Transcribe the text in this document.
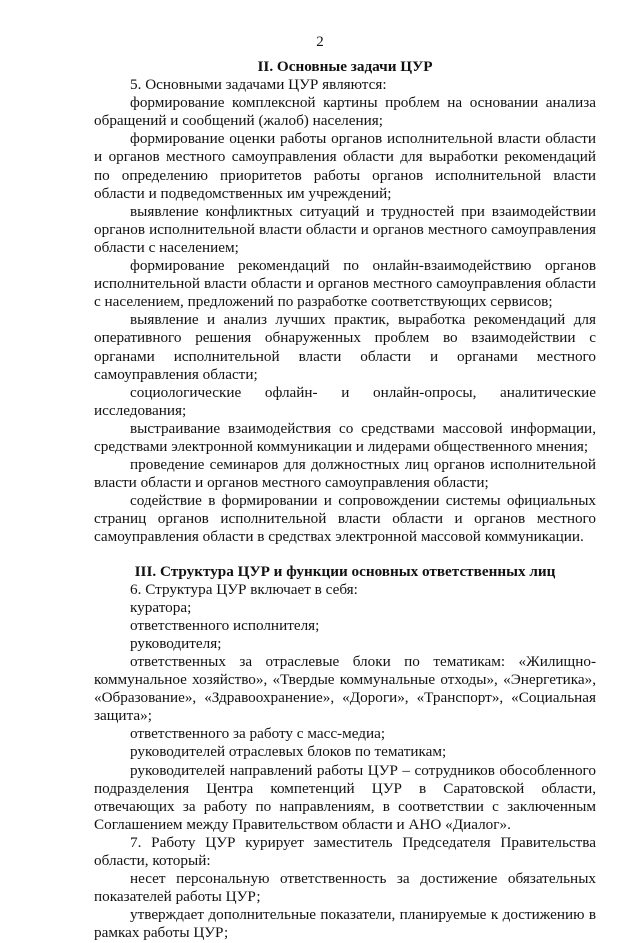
2
II. Основные задачи ЦУР

5. Основными задачами ЦУР являются:

формирование комплексной картины проблем на основании анализа обращений и сообщений (жалоб) населения;

формирование оценки работы органов исполнительной власти области и органов местного самоуправления области для выработки рекомендаций по определению приоритетов работы органов исполнительной власти области и подведомственных им учреждений;

выявление конфликтных ситуаций и трудностей при взаимодействии органов исполнительной власти области и органов местного самоуправления области с населением;

формирование рекомендаций по онлайн-взаимодействию органов исполнительной власти области и органов местного самоуправления области с населением, предложений по разработке соответствующих сервисов;

выявление и анализ лучших практик, выработка рекомендаций для оперативного решения обнаруженных проблем во взаимодействии с органами исполнительной власти области и органами местного самоуправления области;

социологические офлайн- и онлайн-опросы, аналитические исследования;

выстраивание взаимодействия со средствами массовой информации, средствами электронной коммуникации и лидерами общественного мнения;

проведение семинаров для должностных лиц органов исполнительной власти области и органов местного самоуправления области;

содействие в формировании и сопровождении системы официальных страниц органов исполнительной власти области и органов местного самоуправления области в средствах электронной массовой коммуникации.

III. Структура ЦУР и функции основных ответственных лиц

6. Структура ЦУР включает в себя:

куратора;

ответственного исполнителя;

руководителя;

ответственных за отраслевые блоки по тематикам: «Жилищно-коммунальное хозяйство», «Твердые коммунальные отходы», «Энергетика», «Образование», «Здравоохранение», «Дороги», «Транспорт», «Социальная защита»;

ответственного за работу с масс-медиа;

руководителей отраслевых блоков по тематикам;

руководителей направлений работы ЦУР – сотрудников обособленного подразделения Центра компетенций ЦУР в Саратовской области, отвечающих за работу по направлениям, в соответствии с заключенным Соглашением между Правительством области и АНО «Диалог».

7. Работу ЦУР курирует заместитель Председателя Правительства области, который:

несет персональную ответственность за достижение обязательных показателей работы ЦУР;

утверждает дополнительные показатели, планируемые к достижению в рамках работы ЦУР;
